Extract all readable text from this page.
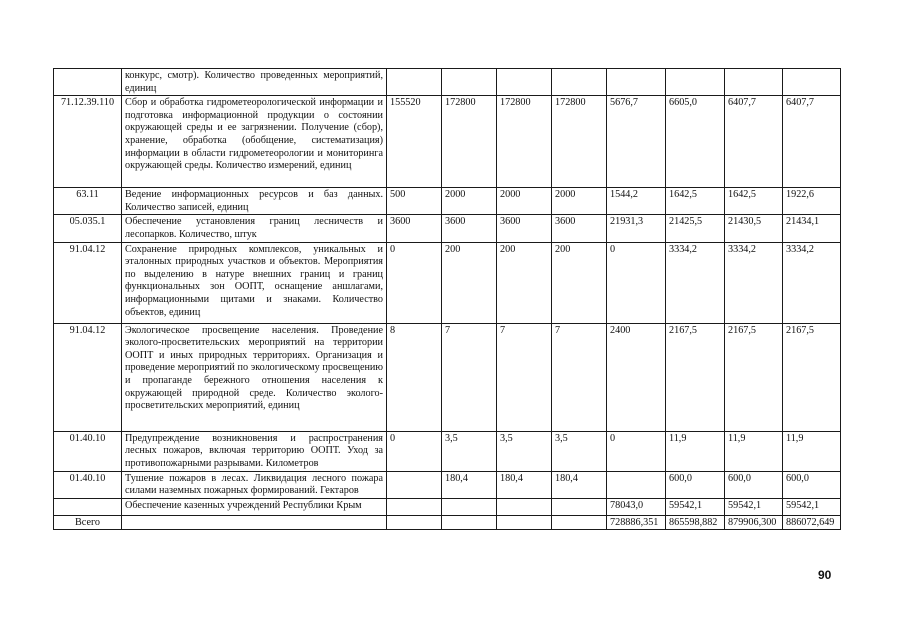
	конкурс, смотр). Количество проведенных мероприятий, единиц								
71.12.39.110	Сбор и обработка гидрометеорологической информации и подготовка информационной продукции о состоянии окружающей среды и ее загрязнении. Получение (сбор), хранение, обработка (обобщение, систематизация) информации в области гидрометеорологии и мониторинга окружающей среды. Количество измерений, единиц	155520	172800	172800	172800	5676,7	6605,0	6407,7	6407,7
63.11	Ведение информационных ресурсов и баз данных. Количество записей, единиц	500	2000	2000	2000	1544,2	1642,5	1642,5	1922,6
05.035.1	Обеспечение установления границ лесничеств и лесопарков. Количество, штук	3600	3600	3600	3600	21931,3	21425,5	21430,5	21434,1
91.04.12	Сохранение природных комплексов, уникальных и эталонных природных участков и объектов. Мероприятия по выделению в натуре внешних границ и границ функциональных зон ООПТ, оснащение аншлагами, информационными щитами и знаками. Количество объектов, единиц	0	200	200	200	0	3334,2	3334,2	3334,2
91.04.12	Экологическое просвещение населения. Проведение эколого-просветительских мероприятий на территории ООПТ и иных природных территориях. Организация и проведение мероприятий по экологическому просвещению и пропаганде бережного отношения населения к окружающей природной среде. Количество эколого-просветительских мероприятий, единиц	8	7	7	7	2400	2167,5	2167,5	2167,5
01.40.10	Предупреждение возникновения и распространения лесных пожаров, включая территорию ООПТ. Уход за противопожарными разрывами. Километров	0	3,5	3,5	3,5	0	11,9	11,9	11,9
01.40.10	Тушение пожаров в лесах. Ликвидация лесного пожара силами наземных пожарных формирований. Гектаров		180,4	180,4	180,4		600,0	600,0	600,0
	Обеспечение казенных учреждений Республики Крым					78043,0	59542,1	59542,1	59542,1
Всего						728886,351	865598,882	879906,300	886072,649
90
